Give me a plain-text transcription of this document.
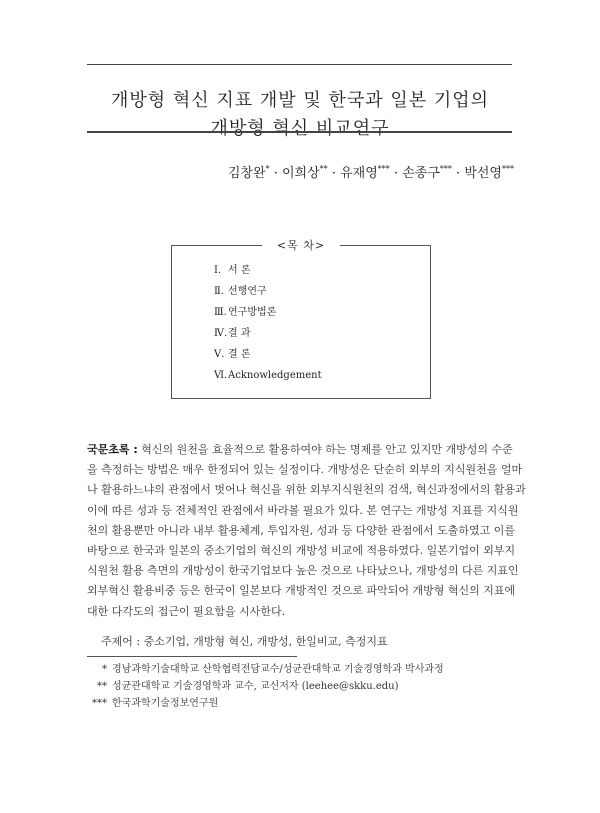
개방형 혁신 지표 개발 및 한국과 일본 기업의
개방형 혁신 비교연구
김창완* · 이희상** · 유재영*** · 손종구*** · 박선영***
<목 차>
Ⅰ. 서 론
Ⅱ. 선행연구
Ⅲ.연구방법론
Ⅳ.결 과
Ⅴ. 결 론
Ⅵ.Acknowledgement
국문초록 : 혁신의 원천을 효율적으로 활용하여야 하는 명제를 안고 있지만 개방성의 수준
을 측정하는 방법은 매우 한정되어 있는 실정이다. 개방성은 단순히 외부의 지식원천을 얼마
나 활용하느냐의 관점에서 벗어나 혁신을 위한 외부지식원천의 검색, 혁신과정에서의 활용과
이에 따른 성과 등 전체적인 관점에서 바라볼 필요가 있다. 본 연구는 개방성 지표를 지식원
천의 활용뿐만 아니라 내부 활용체계, 투입자원, 성과 등 다양한 관점에서 도출하였고 이를
바탕으로 한국과 일본의 중소기업의 혁신의 개방성 비교에 적용하였다. 일본기업이 외부지
식원천 활용 측면의 개방성이 한국기업보다 높은 것으로 나타났으나, 개방성의 다른 지표인
외부혁신 활용비중 등은 한국이 일본보다 개방적인 것으로 파악되어 개방형 혁신의 지표에
대한 다각도의 접근이 필요함을 시사한다.
주제어 : 중소기업, 개방형 혁신, 개방성, 한일비교, 측정지표
* 경남과학기술대학교 산학협력전담교수/성균관대학교 기술경영학과 박사과정
** 성균관대학교 기술경영학과 교수, 교신저자 (leehee@skku.edu)
*** 한국과학기술정보연구원
